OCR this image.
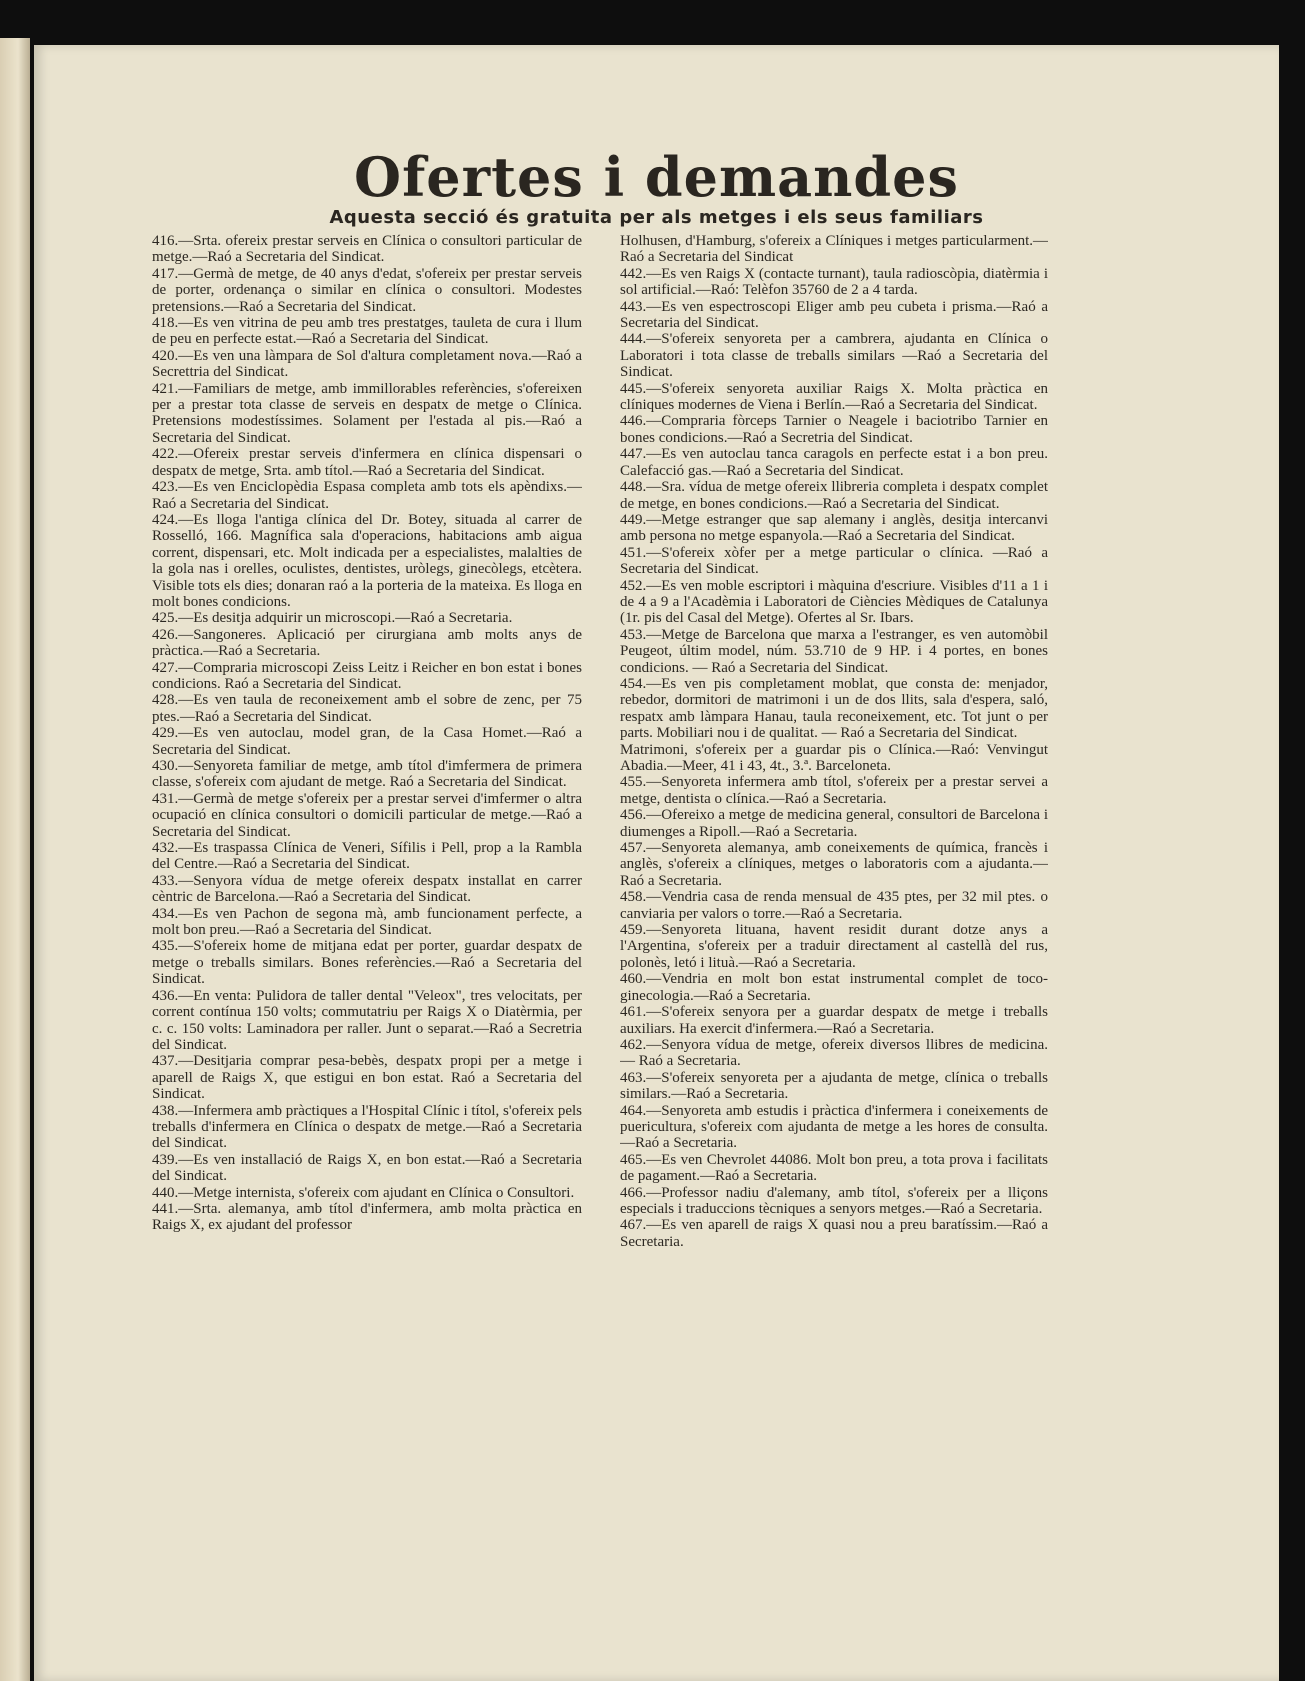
Ofertes i demandes
Aquesta secció és gratuita per als metges i els seus familiars

416.—Srta. ofereix prestar serveis en Clínica o consultori particular de metge.—Raó a Secretaria del Sindicat.

417.—Germà de metge, de 40 anys d'edat, s'ofereix per prestar serveis de porter, ordenança o similar en clínica o consultori. Modestes pretensions.—Raó a Secretaria del Sindicat.

418.—Es ven vitrina de peu amb tres prestatges, tauleta de cura i llum de peu en perfecte estat.—Raó a Secretaria del Sindicat.

420.—Es ven una làmpara de Sol d'altura completament nova.—Raó a Secrettria del Sindicat.

421.—Familiars de metge, amb immillorables referències, s'ofereixen per a prestar tota classe de serveis en despatx de metge o Clínica. Pretensions modestíssimes. Solament per l'estada al pis.—Raó a Secretaria del Sindicat.

422.—Ofereix prestar serveis d'infermera en clínica dispensari o despatx de metge, Srta. amb títol.—Raó a Secretaria del Sindicat.

423.—Es ven Enciclopèdia Espasa completa amb tots els apèndixs.—Raó a Secretaria del Sindicat.

424.—Es lloga l'antiga clínica del Dr. Botey, situada al carrer de Rosselló, 166. Magnífica sala d'operacions, habitacions amb aigua corrent, dispensari, etc. Molt indicada per a especialistes, malalties de la gola nas i orelles, oculistes, dentistes, uròlegs, ginecòlegs, etcètera. Visible tots els dies; donaran raó a la porteria de la mateixa. Es lloga en molt bones condicions.

425.—Es desitja adquirir un microscopi.—Raó a Secretaria.

426.—Sangoneres. Aplicació per cirurgiana amb molts anys de pràctica.—Raó a Secretaria.

427.—Compraria microscopi Zeiss Leitz i Reicher en bon estat i bones condicions. Raó a Secretaria del Sindicat.

428.—Es ven taula de reconeixement amb el sobre de zenc, per 75 ptes.—Raó a Secretaria del Sindicat.

429.—Es ven autoclau, model gran, de la Casa Homet.—Raó a Secretaria del Sindicat.

430.—Senyoreta familiar de metge, amb títol d'imfermera de primera classe, s'ofereix com ajudant de metge. Raó a Secretaria del Sindicat.

431.—Germà de metge s'ofereix per a prestar servei d'imfermer o altra ocupació en clínica consultori o domicili particular de metge.—Raó a Secretaria del Sindicat.

432.—Es traspassa Clínica de Veneri, Sífilis i Pell, prop a la Rambla del Centre.—Raó a Secretaria del Sindicat.

433.—Senyora vídua de metge ofereix despatx installat en carrer cèntric de Barcelona.—Raó a Secretaria del Sindicat.

434.—Es ven Pachon de segona mà, amb funcionament perfecte, a molt bon preu.—Raó a Secretaria del Sindicat.

435.—S'ofereix home de mitjana edat per porter, guardar despatx de metge o treballs similars. Bones referències.—Raó a Secretaria del Sindicat.

436.—En venta: Pulidora de taller dental "Veleox", tres velocitats, per corrent contínua 150 volts; commutatriu per Raigs X o Diatèrmia, per c. c. 150 volts: Laminadora per raller. Junt o separat.—Raó a Secretria del Sindicat.

437.—Desitjaria comprar pesa-bebès, despatx propi per a metge i aparell de Raigs X, que estigui en bon estat. Raó a Secretaria del Sindicat.

438.—Infermera amb pràctiques a l'Hospital Clínic i títol, s'ofereix pels treballs d'infermera en Clínica o despatx de metge.—Raó a Secretaria del Sindicat.

439.—Es ven installació de Raigs X, en bon estat.—Raó a Secretaria del Sindicat.

440.—Metge internista, s'ofereix com ajudant en Clínica o Consultori.

441.—Srta. alemanya, amb títol d'infermera, amb molta pràctica en Raigs X, ex ajudant del professor

Holhusen, d'Hamburg, s'ofereix a Clíniques i metges particularment.—Raó a Secretaria del Sindicat

442.—Es ven Raigs X (contacte turnant), taula radioscòpia, diatèrmia i sol artificial.—Raó: Telèfon 35760 de 2 a 4 tarda.

443.—Es ven espectroscopi Eliger amb peu cubeta i prisma.—Raó a Secretaria del Sindicat.

444.—S'ofereix senyoreta per a cambrera, ajudanta en Clínica o Laboratori i tota classe de treballs similars —Raó a Secretaria del Sindicat.

445.—S'ofereix senyoreta auxiliar Raigs X. Molta pràctica en clíniques modernes de Viena i Berlín.—Raó a Secretaria del Sindicat.

446.—Compraria fòrceps Tarnier o Neagele i baciotribo Tarnier en bones condicions.—Raó a Secretria del Sindicat.

447.—Es ven autoclau tanca caragols en perfecte estat i a bon preu. Calefacció gas.—Raó a Secretaria del Sindicat.

448.—Sra. vídua de metge ofereix llibreria completa i despatx complet de metge, en bones condicions.—Raó a Secretaria del Sindicat.

449.—Metge estranger que sap alemany i anglès, desitja intercanvi amb persona no metge espanyola.—Raó a Secretaria del Sindicat.

451.—S'ofereix xòfer per a metge particular o clínica. —Raó a Secretaria del Sindicat.

452.—Es ven moble escriptori i màquina d'escriure. Visibles d'11 a 1 i de 4 a 9 a l'Acadèmia i Laboratori de Ciències Mèdiques de Catalunya (1r. pis del Casal del Metge). Ofertes al Sr. Ibars.

453.—Metge de Barcelona que marxa a l'estranger, es ven automòbil Peugeot, últim model, núm. 53.710 de 9 HP. i 4 portes, en bones condicions. — Raó a Secretaria del Sindicat.

454.—Es ven pis completament moblat, que consta de: menjador, rebedor, dormitori de matrimoni i un de dos llits, sala d'espera, saló, respatx amb làmpara Hanau, taula reconeixement, etc. Tot junt o per parts. Mobiliari nou i de qualitat. — Raó a Secretaria del Sindicat.

Matrimoni, s'ofereix per a guardar pis o Clínica.—Raó: Venvingut Abadia.—Meer, 41 i 43, 4t., 3.ª. Barceloneta.

455.—Senyoreta infermera amb títol, s'ofereix per a prestar servei a metge, dentista o clínica.—Raó a Secretaria.

456.—Ofereixo a metge de medicina general, consultori de Barcelona i diumenges a Ripoll.—Raó a Secretaria.

457.—Senyoreta alemanya, amb coneixements de química, francès i anglès, s'ofereix a clíniques, metges o laboratoris com a ajudanta.—Raó a Secretaria.

458.—Vendria casa de renda mensual de 435 ptes, per 32 mil ptes. o canviaria per valors o torre.—Raó a Secretaria.

459.—Senyoreta lituana, havent residit durant dotze anys a l'Argentina, s'ofereix per a traduir directament al castellà del rus, polonès, letó i lituà.—Raó a Secretaria.

460.—Vendria en molt bon estat instrumental complet de toco-ginecologia.—Raó a Secretaria.

461.—S'ofereix senyora per a guardar despatx de metge i treballs auxiliars. Ha exercit d'infermera.—Raó a Secretaria.

462.—Senyora vídua de metge, ofereix diversos llibres de medicina. — Raó a Secretaria.

463.—S'ofereix senyoreta per a ajudanta de metge, clínica o treballs similars.—Raó a Secretaria.

464.—Senyoreta amb estudis i pràctica d'infermera i coneixements de puericultura, s'ofereix com ajudanta de metge a les hores de consulta.—Raó a Secretaria.

465.—Es ven Chevrolet 44086. Molt bon preu, a tota prova i facilitats de pagament.—Raó a Secretaria.

466.—Professor nadiu d'alemany, amb títol, s'ofereix per a lliçons especials i traduccions tècniques a senyors metges.—Raó a Secretaria.

467.—Es ven aparell de raigs X quasi nou a preu baratíssim.—Raó a Secretaria.
